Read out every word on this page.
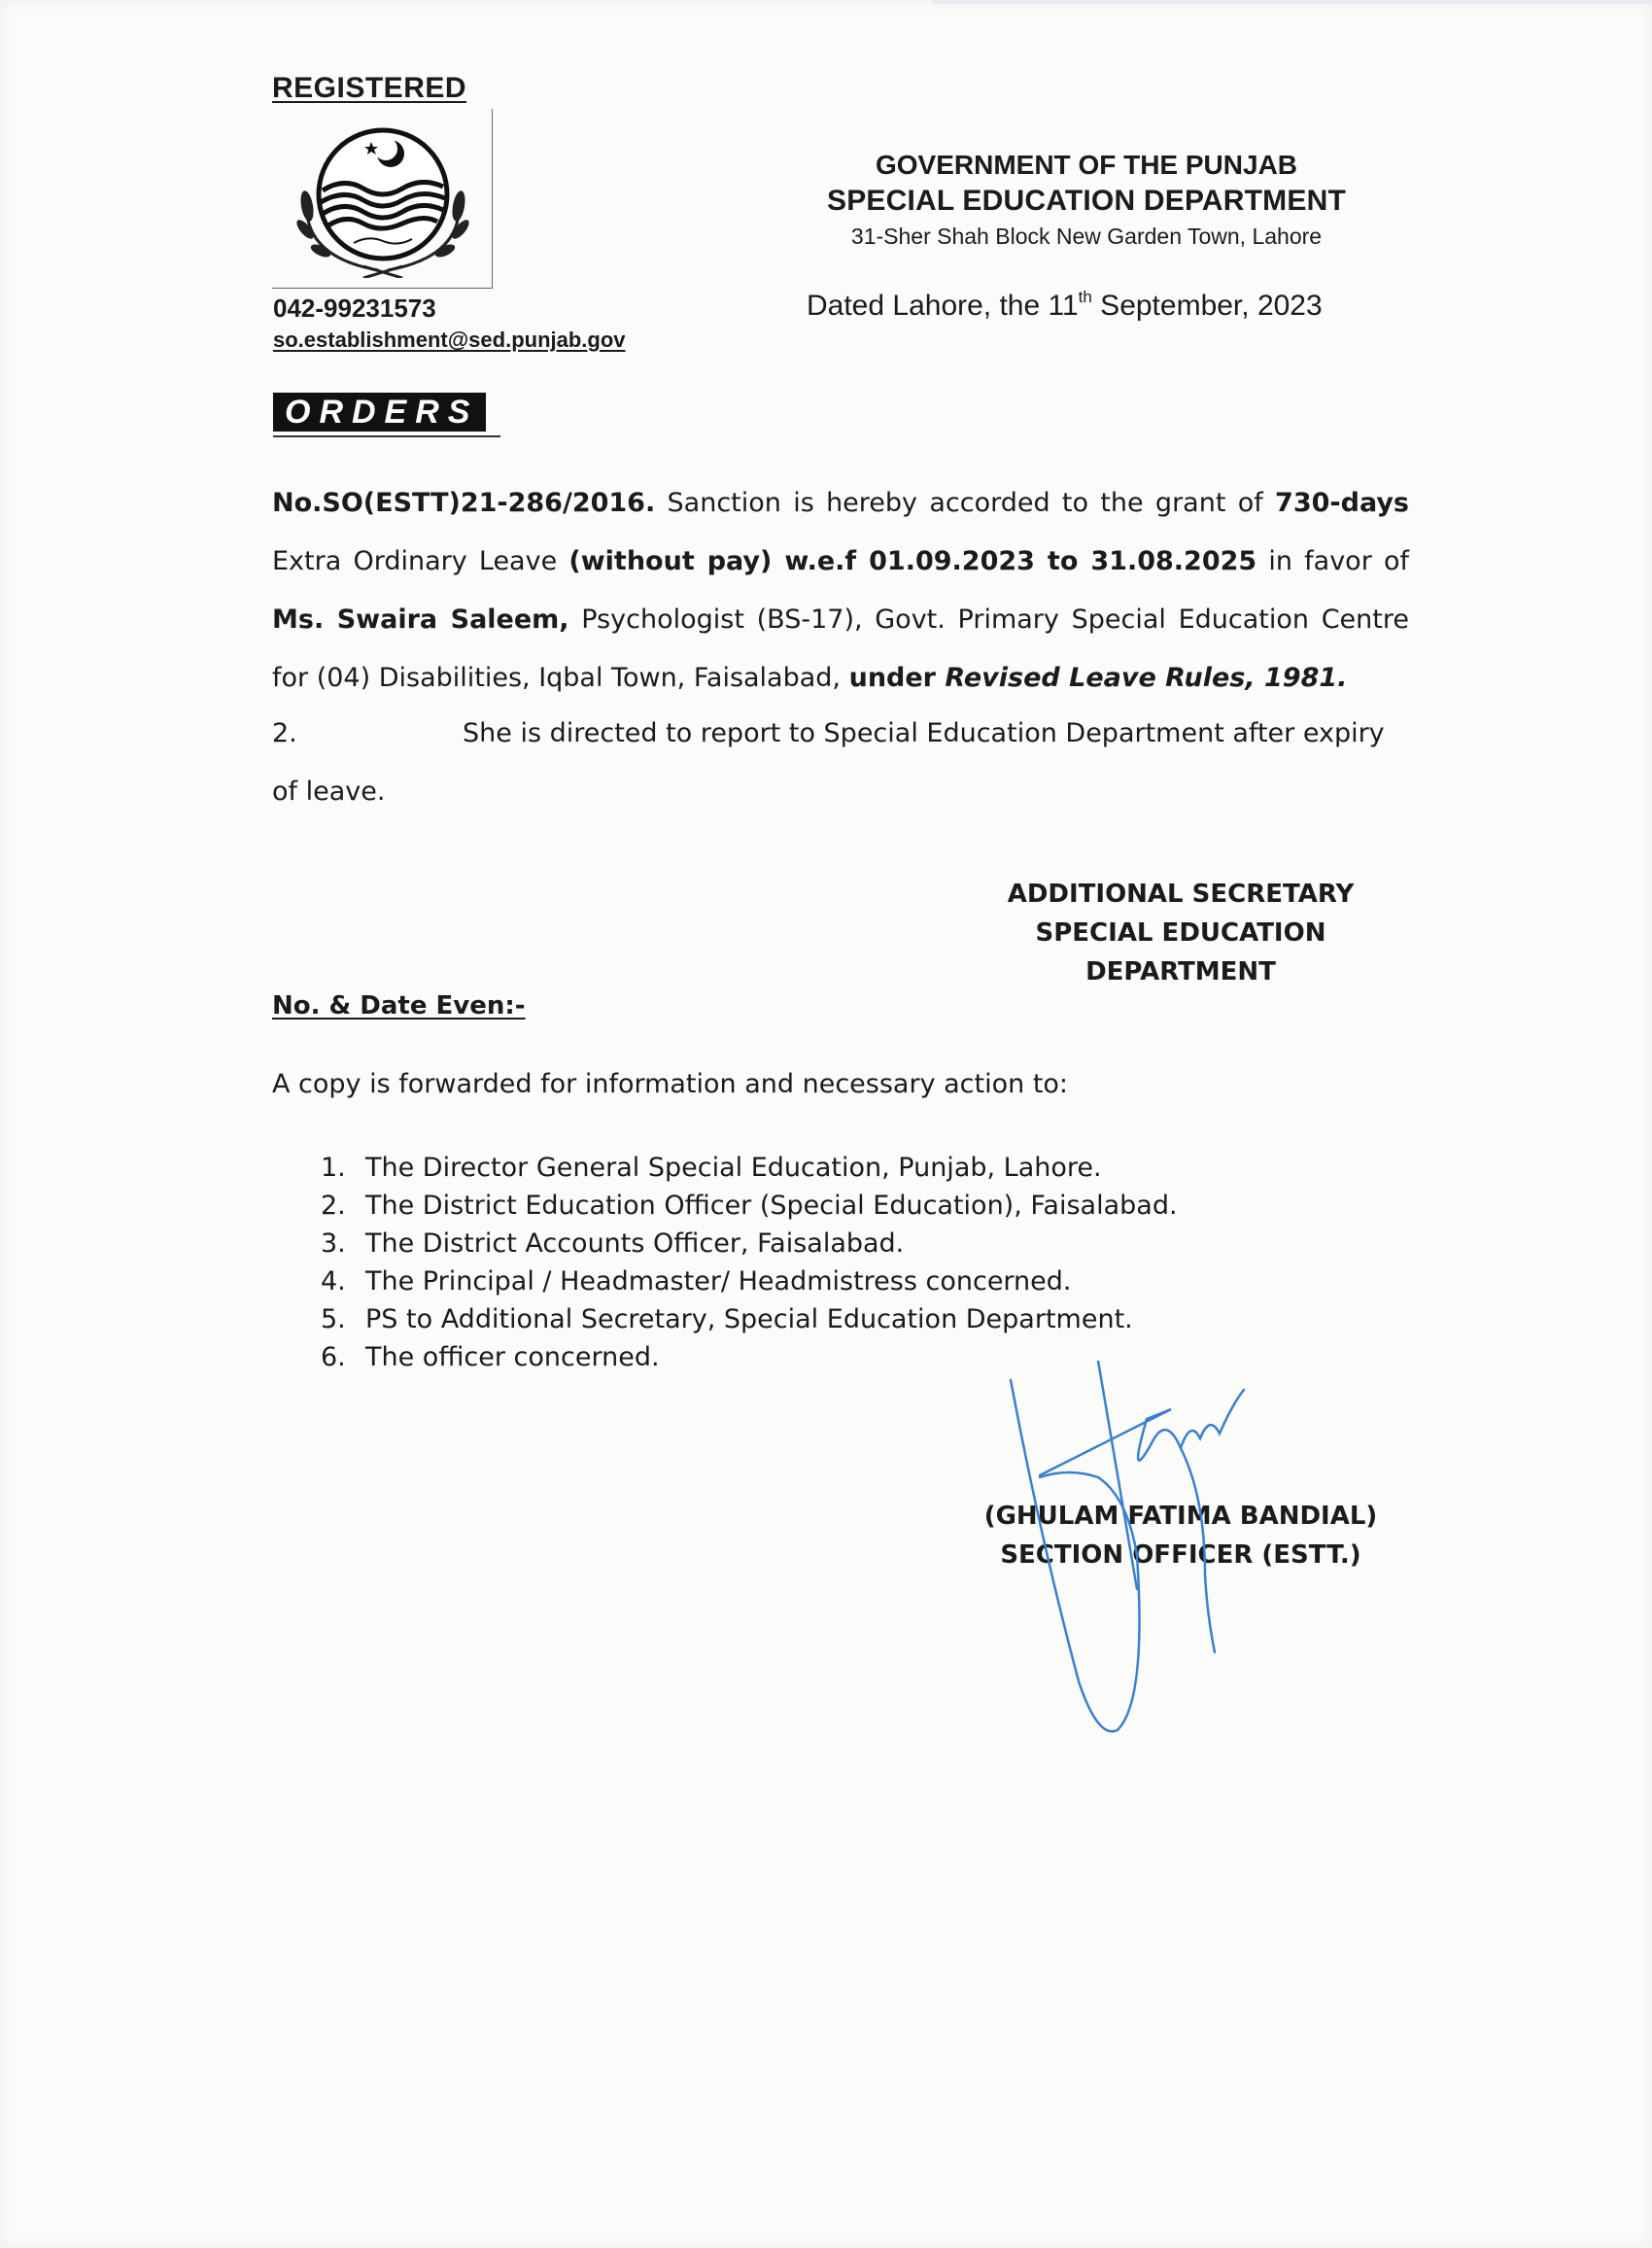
REGISTERED
042-99231573
so.establishment@sed.punjab.gov
GOVERNMENT OF THE PUNJAB
SPECIAL EDUCATION DEPARTMENT
31-Sher Shah Block New Garden Town, Lahore
Dated Lahore, the 11th September, 2023
ORDERS
No.SO(ESTT)21-286/2016. Sanction is hereby accorded to the grant of 730-days Extra Ordinary Leave (without pay) w.e.f 01.09.2023 to 31.08.2025 in favor of Ms. Swaira Saleem, Psychologist (BS-17), Govt. Primary Special Education Centre for (04) Disabilities, Iqbal Town, Faisalabad, under Revised Leave Rules, 1981.
2.	She is directed to report to Special Education Department after expiry of leave.
ADDITIONAL SECRETARY
SPECIAL EDUCATION
DEPARTMENT
No. & Date Even:-
A copy is forwarded for information and necessary action to:
1. The Director General Special Education, Punjab, Lahore.
2. The District Education Officer (Special Education), Faisalabad.
3. The District Accounts Officer, Faisalabad.
4. The Principal / Headmaster/ Headmistress concerned.
5. PS to Additional Secretary, Special Education Department.
6. The officer concerned.
(GHULAM FATIMA BANDIAL)
SECTION OFFICER (ESTT.)
